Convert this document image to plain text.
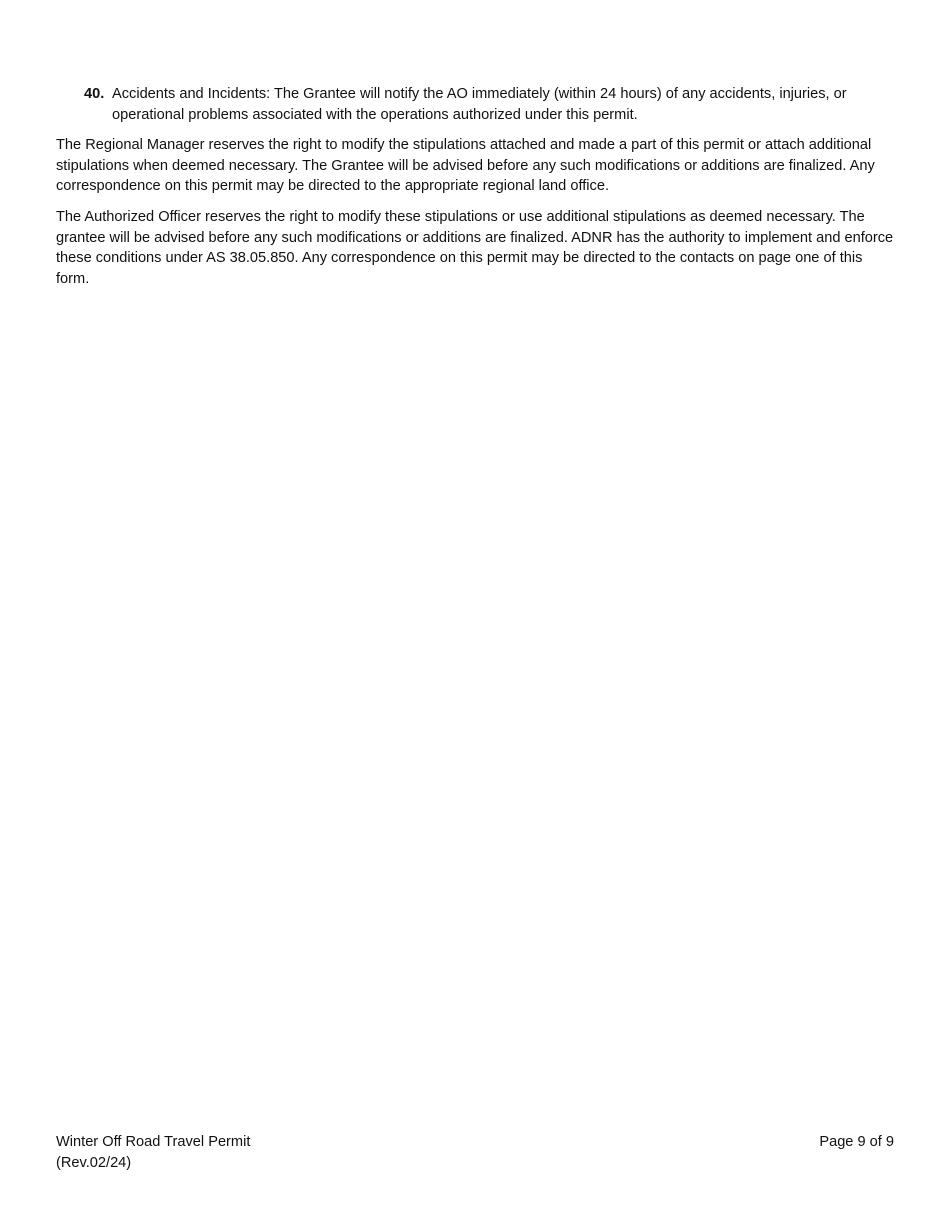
40. Accidents and Incidents: The Grantee will notify the AO immediately (within 24 hours) of any accidents, injuries, or operational problems associated with the operations authorized under this permit.

The Regional Manager reserves the right to modify the stipulations attached and made a part of this permit or attach additional stipulations when deemed necessary. The Grantee will be advised before any such modifications or additions are finalized. Any correspondence on this permit may be directed to the appropriate regional land office.

The Authorized Officer reserves the right to modify these stipulations or use additional stipulations as deemed necessary. The grantee will be advised before any such modifications or additions are finalized. ADNR has the authority to implement and enforce these conditions under AS 38.05.850. Any correspondence on this permit may be directed to the contacts on page one of this form.

Winter Off Road Travel Permit
(Rev.02/24)
Page 9 of 9
